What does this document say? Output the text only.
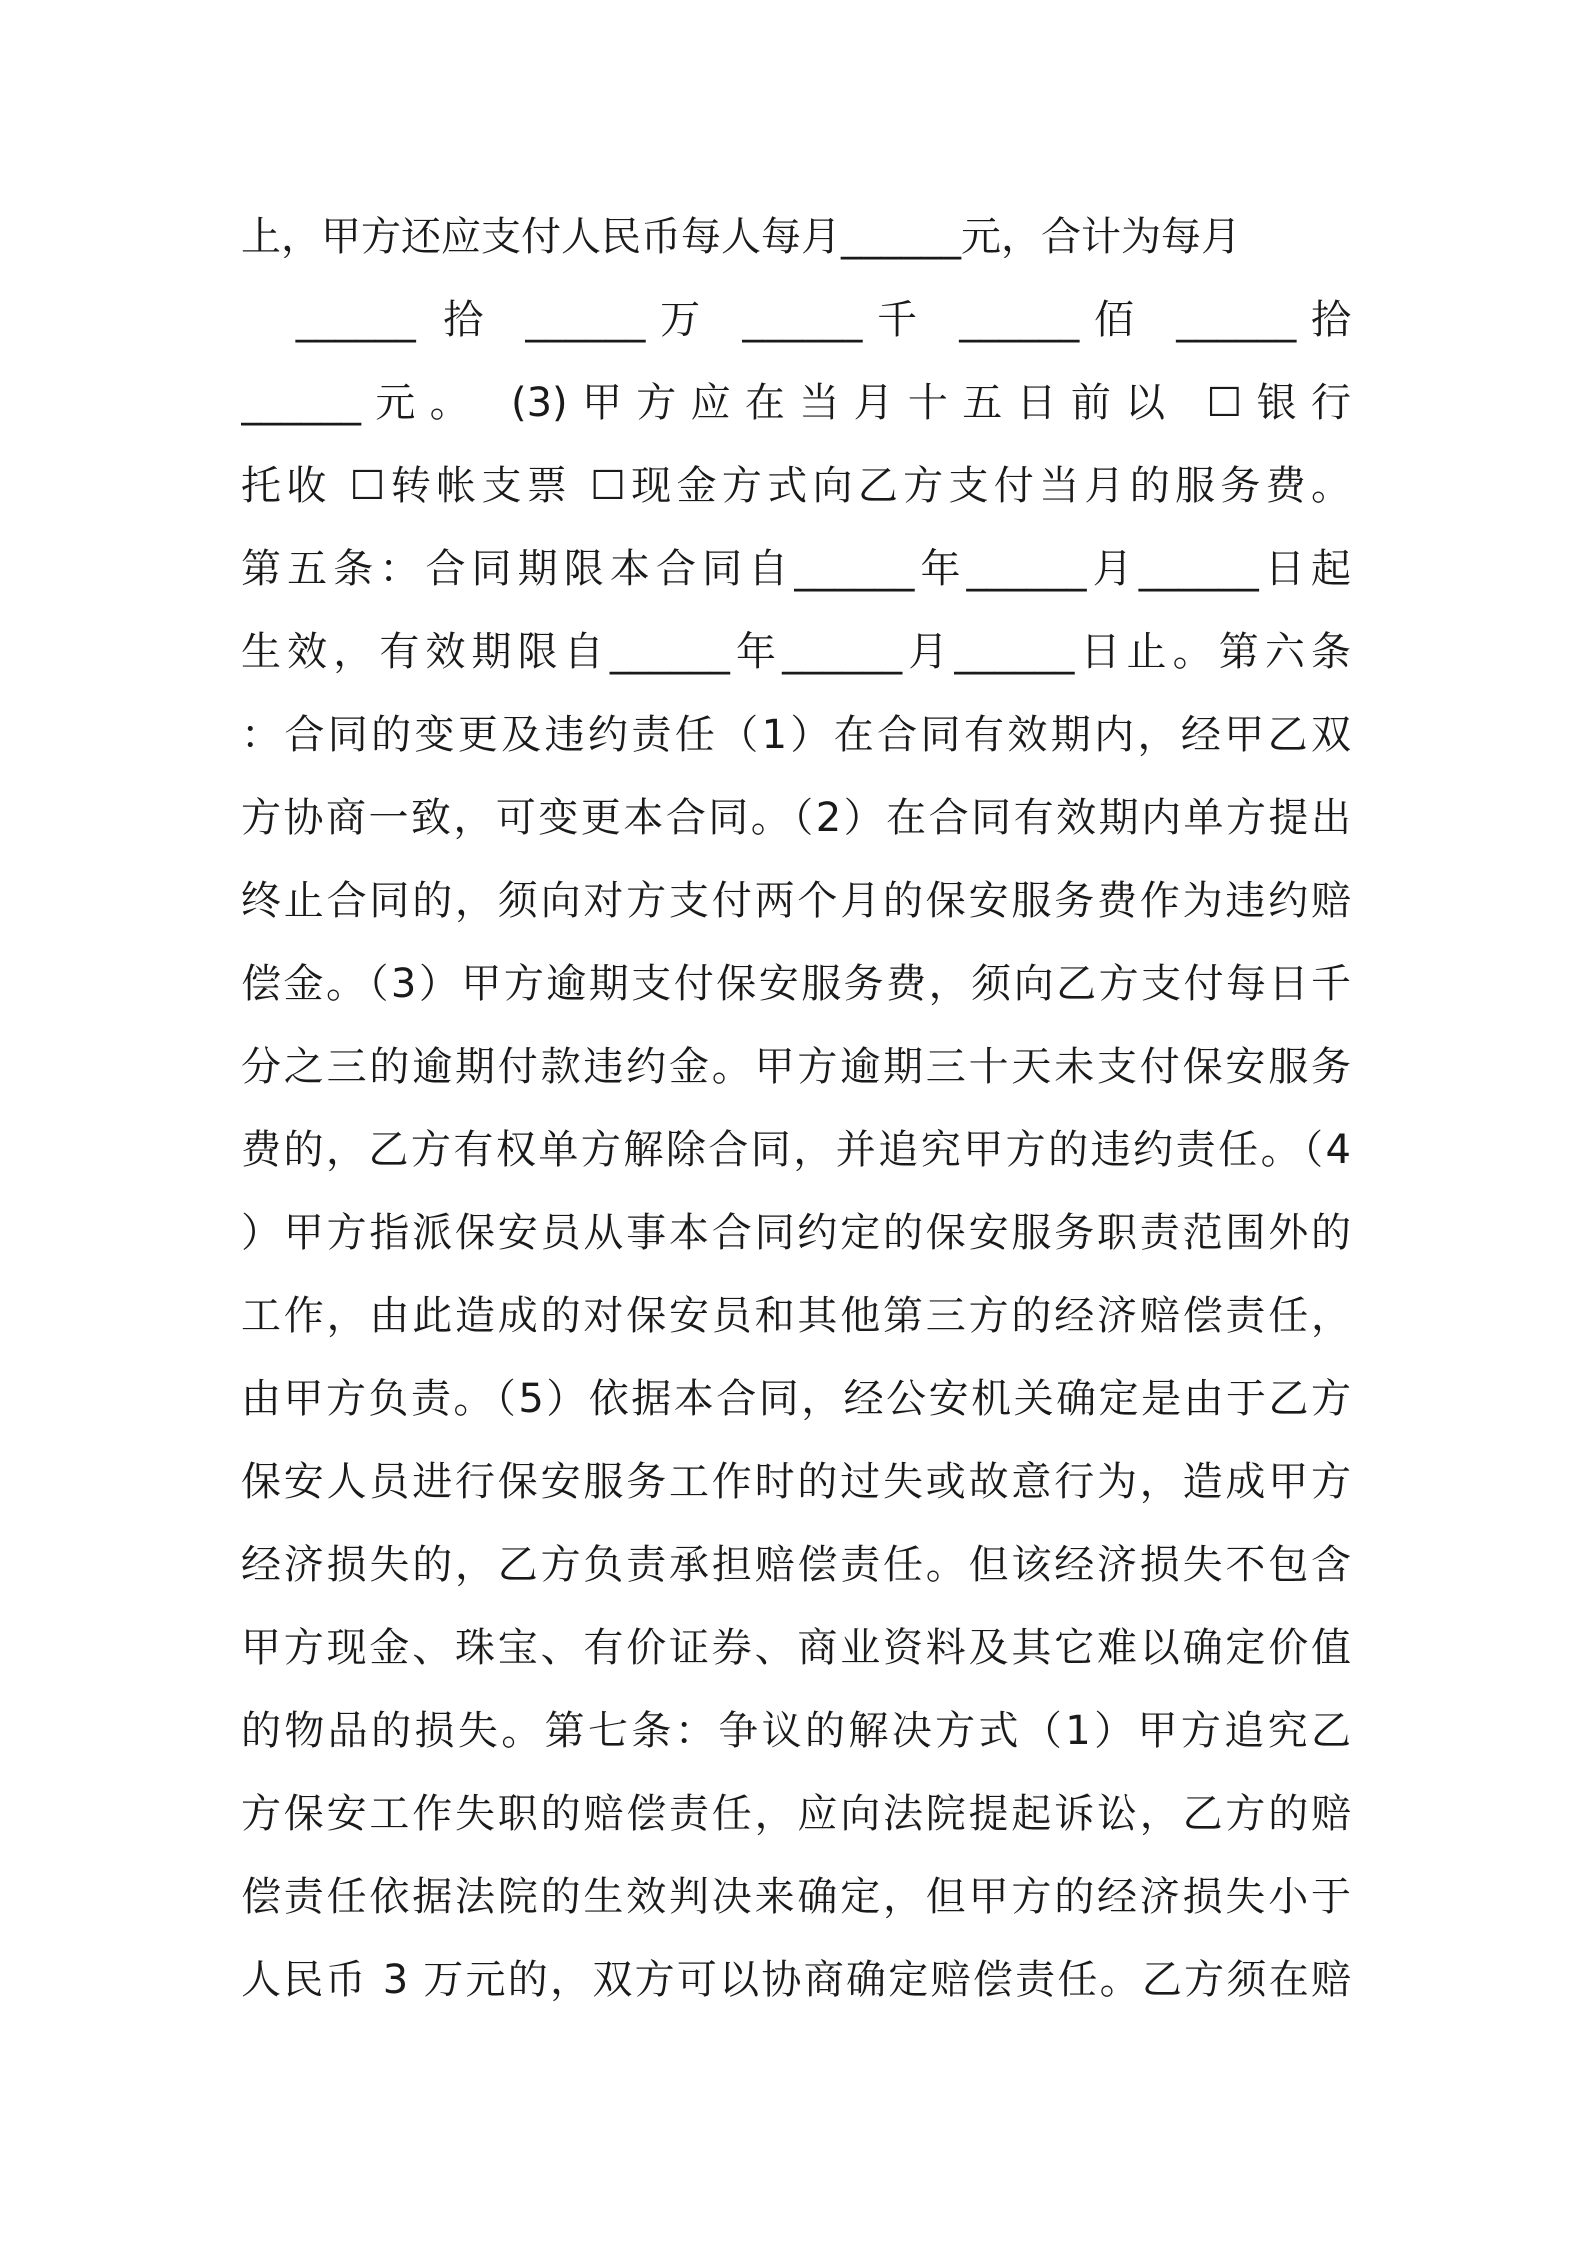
上，甲方还应支付人民币每人每月______元，合计为每月
　______ 拾 ______万 ______千 ______佰 ______拾
______元。 (3)甲方应在当月十五日前以 ☐银行
托收 ☐转帐支票 ☐现金方式向乙方支付当月的服务费。
第五条：合同期限本合同自______年______月______日起
生效，有效期限自______年______月______日止。第六条
：合同的变更及违约责任（1）在合同有效期内，经甲乙双
方协商一致，可变更本合同。（2）在合同有效期内单方提出
终止合同的，须向对方支付两个月的保安服务费作为违约赔
偿金。（3）甲方逾期支付保安服务费，须向乙方支付每日千
分之三的逾期付款违约金。甲方逾期三十天未支付保安服务
费的，乙方有权单方解除合同，并追究甲方的违约责任。（4
）甲方指派保安员从事本合同约定的保安服务职责范围外的
工作，由此造成的对保安员和其他第三方的经济赔偿责任，
由甲方负责。（5）依据本合同，经公安机关确定是由于乙方
保安人员进行保安服务工作时的过失或故意行为，造成甲方
经济损失的，乙方负责承担赔偿责任。但该经济损失不包含
甲方现金、珠宝、有价证券、商业资料及其它难以确定价值
的物品的损失。第七条：争议的解决方式（1）甲方追究乙
方保安工作失职的赔偿责任，应向法院提起诉讼，乙方的赔
偿责任依据法院的生效判决来确定，但甲方的经济损失小于
人民币 3 万元的，双方可以协商确定赔偿责任。乙方须在赔
